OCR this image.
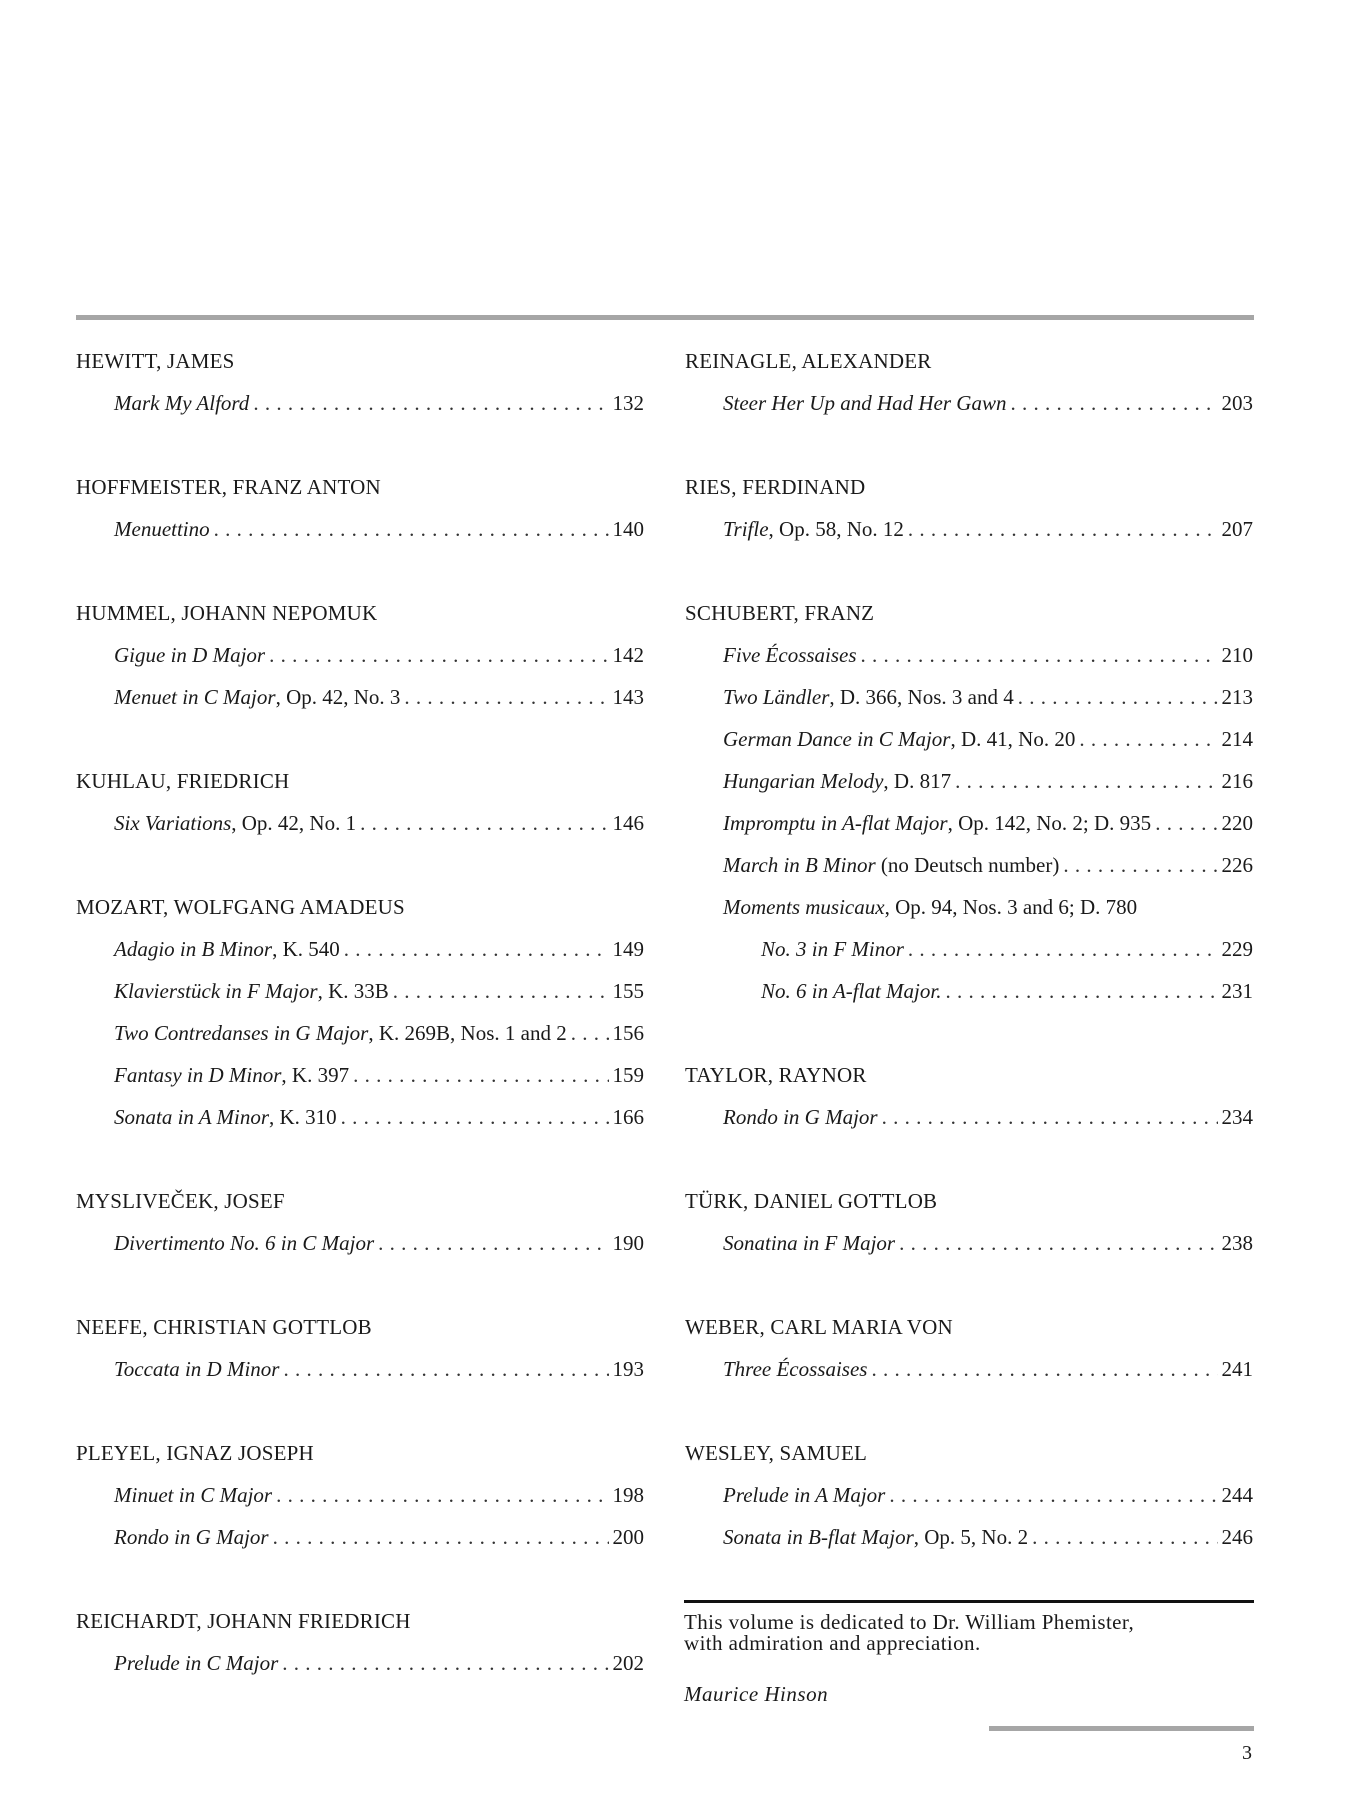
HEWITT, JAMES
Mark My Alford . . .	132
HOFFMEISTER, FRANZ ANTON
Menuettino . . .	140
HUMMEL, JOHANN NEPOMUK
Gigue in D Major . . .	142
Menuet in C Major, Op. 42, No. 3 . . .	143
KUHLAU, FRIEDRICH
Six Variations, Op. 42, No. 1 . . .	146
MOZART, WOLFGANG AMADEUS
Adagio in B Minor, K. 540 . . .	149
Klavierstück in F Major, K. 33B . . .	155
Two Contredanses in G Major, K. 269B, Nos. 1 and 2 . . . 156
Fantasy in D Minor, K. 397 . . .	159
Sonata in A Minor, K. 310 . . .	166
MYSLIVEČEK, JOSEF
Divertimento No. 6 in C Major . . .	190
NEEFE, CHRISTIAN GOTTLOB
Toccata in D Minor . . .	193
PLEYEL, IGNAZ JOSEPH
Minuet in C Major . . .	198
Rondo in G Major . . .	200
REICHARDT, JOHANN FRIEDRICH
Prelude in C Major . . .	202
REINAGLE, ALEXANDER
Steer Her Up and Had Her Gawn . . .	203
RIES, FERDINAND
Trifle, Op. 58, No. 12 . . .	207
SCHUBERT, FRANZ
Five Écossaises . . .	210
Two Ländler, D. 366, Nos. 3 and 4 . . .	213
German Dance in C Major, D. 41, No. 20 . . .	214
Hungarian Melody, D. 817 . . .	216
Impromptu in A-flat Major, Op. 142, No. 2; D. 935 . . .	220
March in B Minor (no Deutsch number) . . .	226
Moments musicaux, Op. 94, Nos. 3 and 6; D. 780
No. 3 in F Minor . . .	229
No. 6 in A-flat Major. . . .	231
TAYLOR, RAYNOR
Rondo in G Major . . .	234
TÜRK, DANIEL GOTTLOB
Sonatina in F Major . . .	238
WEBER, CARL MARIA VON
Three Écossaises . . .	241
WESLEY, SAMUEL
Prelude in A Major . . .	244
Sonata in B-flat Major, Op. 5, No. 2 . . .	246
This volume is dedicated to Dr. William Phemister,
with admiration and appreciation.
Maurice Hinson
3
